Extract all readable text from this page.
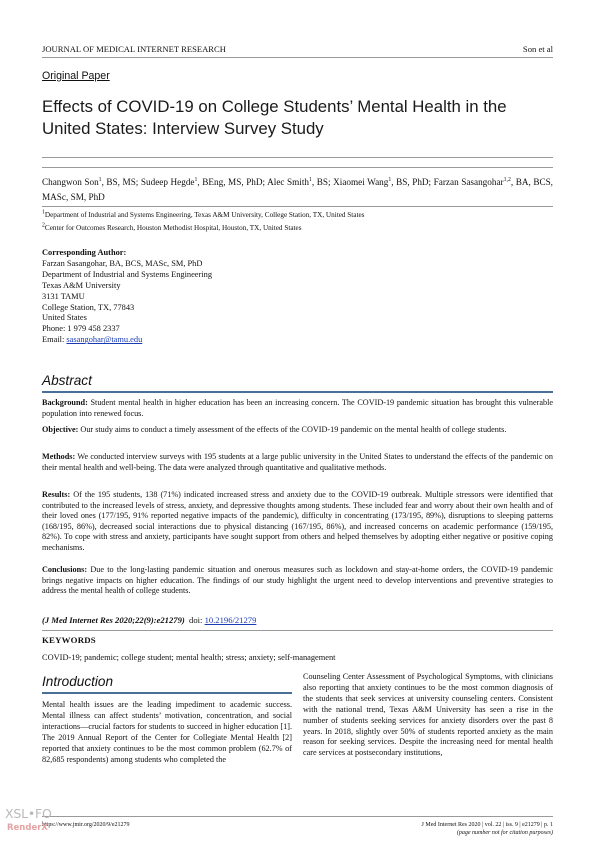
JOURNAL OF MEDICAL INTERNET RESEARCH	Son et al
Original Paper
Effects of COVID-19 on College Students’ Mental Health in the United States: Interview Survey Study
Changwon Son$^1$, BS, MS; Sudeep Hegde$^1$, BEng, MS, PhD; Alec Smith$^1$, BS; Xiaomei Wang$^1$, BS, PhD; Farzan Sasangohar$^{1,2}$, BA, BCS, MASc, SM, PhD
$^1$Department of Industrial and Systems Engineering, Texas A&M University, College Station, TX, United States
$^2$Center for Outcomes Research, Houston Methodist Hospital, Houston, TX, United States
Corresponding Author:
Farzan Sasangohar, BA, BCS, MASc, SM, PhD
Department of Industrial and Systems Engineering
Texas A&M University
3131 TAMU
College Station, TX, 77843
United States
Phone: 1 979 458 2337
Email: sasangohar@tamu.edu
Abstract
Background: Student mental health in higher education has been an increasing concern. The COVID-19 pandemic situation has brought this vulnerable population into renewed focus.
Objective: Our study aims to conduct a timely assessment of the effects of the COVID-19 pandemic on the mental health of college students.
Methods: We conducted interview surveys with 195 students at a large public university in the United States to understand the effects of the pandemic on their mental health and well-being. The data were analyzed through quantitative and qualitative methods.
Results: Of the 195 students, 138 (71%) indicated increased stress and anxiety due to the COVID-19 outbreak. Multiple stressors were identified that contributed to the increased levels of stress, anxiety, and depressive thoughts among students. These included fear and worry about their own health and of their loved ones (177/195, 91% reported negative impacts of the pandemic), difficulty in concentrating (173/195, 89%), disruptions to sleeping patterns (168/195, 86%), decreased social interactions due to physical distancing (167/195, 86%), and increased concerns on academic performance (159/195, 82%). To cope with stress and anxiety, participants have sought support from others and helped themselves by adopting either negative or positive coping mechanisms.
Conclusions: Due to the long-lasting pandemic situation and onerous measures such as lockdown and stay-at-home orders, the COVID-19 pandemic brings negative impacts on higher education. The findings of our study highlight the urgent need to develop interventions and preventive strategies to address the mental health of college students.
(J Med Internet Res 2020;22(9):e21279) doi: 10.2196/21279
KEYWORDS
COVID-19; pandemic; college student; mental health; stress; anxiety; self-management
Introduction
Mental health issues are the leading impediment to academic success. Mental illness can affect students’ motivation, concentration, and social interactions—crucial factors for students to succeed in higher education [1]. The 2019 Annual Report of the Center for Collegiate Mental Health [2] reported that anxiety continues to be the most common problem (62.7% of 82,685 respondents) among students who completed the
Counseling Center Assessment of Psychological Symptoms, with clinicians also reporting that anxiety continues to be the most common diagnosis of the students that seek services at university counseling centers. Consistent with the national trend, Texas A&M University has seen a rise in the number of students seeking services for anxiety disorders over the past 8 years. In 2018, slightly over 50% of students reported anxiety as the main reason for seeking services. Despite the increasing need for mental health care services at postsecondary institutions,
https://www.jmir.org/2020/9/e21279	J Med Internet Res 2020 | vol. 22 | iss. 9 | e21279 | p. 1
(page number not for citation purposes)
XSL•FO
RenderX
